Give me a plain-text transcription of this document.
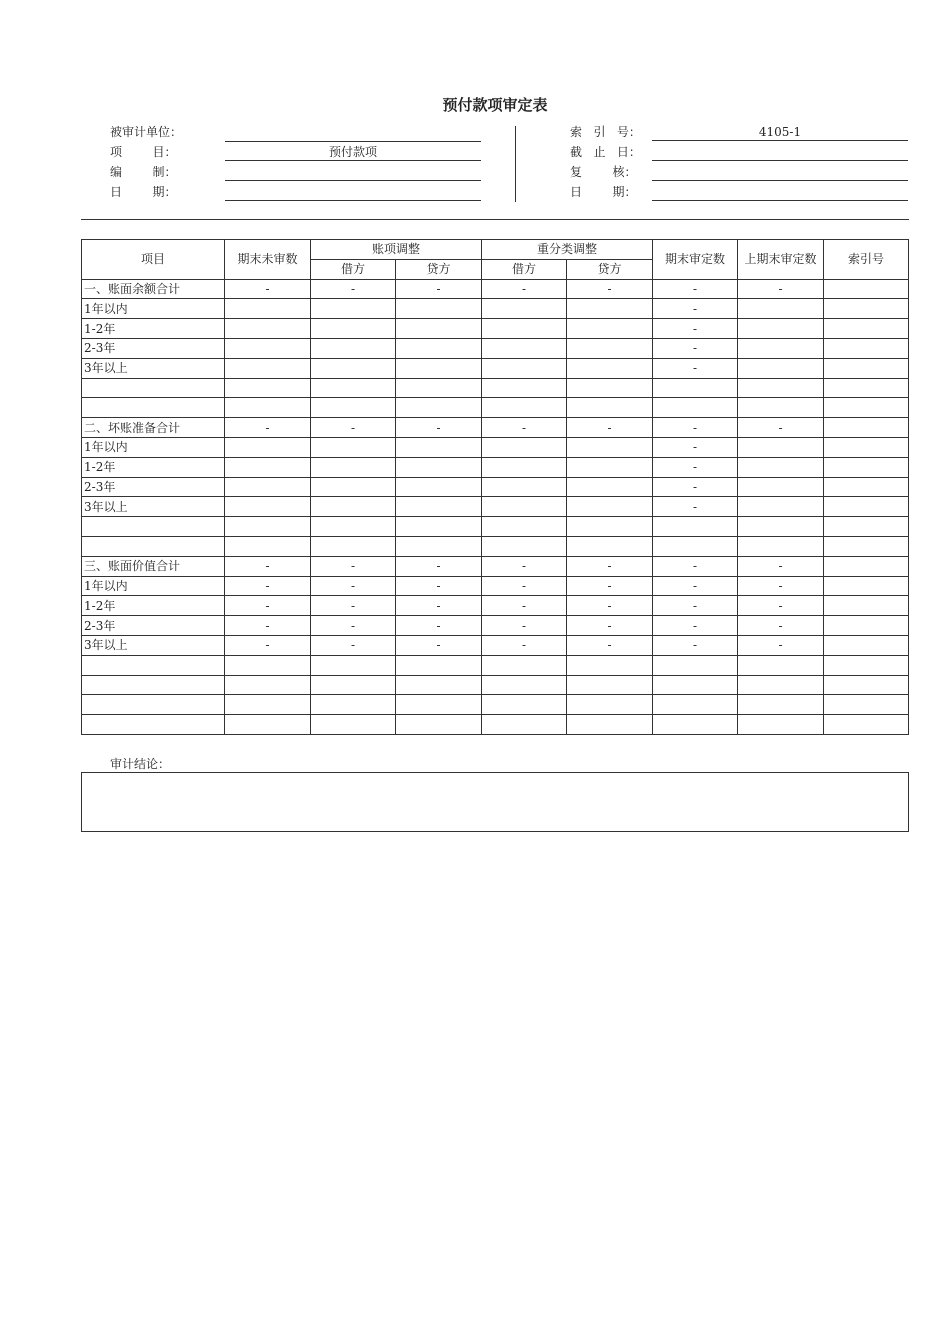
预付款项审定表
被审计单位：
项        目：	预付款项
编        制：
日        期：
索   引   号：	4105-1
截   止   日：
复        核：
日        期：
项目	期末未审数	账项调整		重分类调整		期末审定数	上期末审定数	索引号
		借方	贷方	借方	贷方			
一、账面余额合计	-	-	-	-	-	-	-	
1年以内						-		
1-2年						-		
2-3年						-		
3年以上						-		

二、坏账准备合计	-	-	-	-	-	-	-	
1年以内						-		
1-2年						-		
2-3年						-		
3年以上						-		

三、账面价值合计	-	-	-	-	-	-	-	
1年以内	-	-	-	-	-	-	-	
1-2年	-	-	-	-	-	-	-	
2-3年	-	-	-	-	-	-	-	
3年以上	-	-	-	-	-	-	-	

审计结论：
